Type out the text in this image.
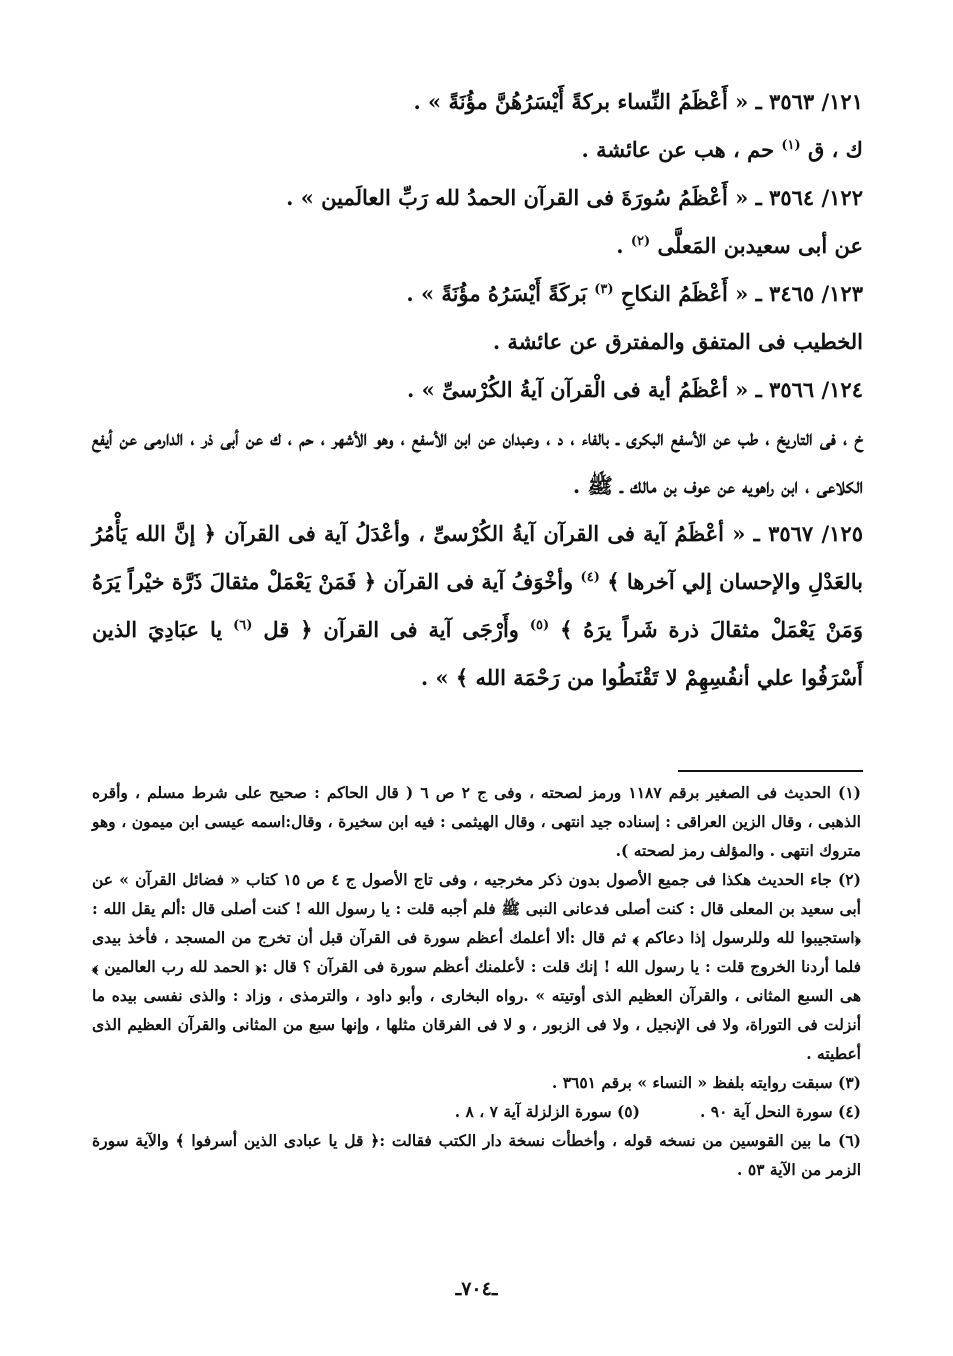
١٢١/ ٣٥٦٣ ـ « أَعْظَمُ النِّساء بركةً أَيْسَرُهُنَّ مؤُنَةً » .
ك ، ق $^{(١)}$ حم ، هب عن عائشة .
١٢٢/ ٣٥٦٤ ـ « أَعْظَمُ سُورَةَ فى القرآن الحمدُ لله رَبِّ العالَمين » .
عن أبى سعيدبن المَعلَّى $^{(٢)}$ .
١٢٣/ ٣٤٦٥ ـ « أَعْظَمُ النكاحِ $^{(٣)}$ بَركَةً أَيْسَرُهُ مؤُنَةً » .
الخطيب فى المتفق والمفترق عن عائشة .
١٢٤/ ٣٥٦٦ ـ « أعْظَمُ أية فى الْقرآن آيةُ الكُرْسىِّ » .
خ ، فى التاريخ ، طب عن الأسفع البكرى ـ بالفاء ، د ، وعبدان عن ابن الأسفع ، وهو الأشهر ، حم ، ك عن أبى ذر ، الدارمى عن أيفع الكلاعى ، ابن راهويه عن عوف بن مالك ـ ﷺ .
١٢٥/ ٣٥٦٧ ـ « أعْظَمُ آية فى القرآن آيةُ الكُرْسىِّ ، وأعْدَلُ آية فى القرآن ﴿ إنَّ الله يَأْمُرُ بالعَدْلِ والإحسان إلي آخرها ﴾ $^{(٤)}$ وأخْوَفُ آية فى القرآن ﴿ فَمَنْ يَعْمَلْ مثقالَ ذَرَّة خيْراً يَرَهُ وَمَنْ يَعْمَلْ مثقالَ ذرة شَراً يرَهُ ﴾ $^{(٥)}$ وأَرْجَى آية فى القرآن ﴿ قل $^{(٦)}$ يا عبَادِيَ الذين أَسْرَفُوا علي أنفُسِهِمْ لا تَقْنَطُوا من رَحْمَة الله ﴾ » .
(١) الحديث فى الصغير برقم ١١٨٧ ورمز لصحته ، وفى ج ٢ ص ٦ ( قال الحاكم : صحيح على شرط مسلم ، وأقره الذهبى ، وقال الزين العراقى : إسناده جيد انتهى ، وقال الهيثمى : فيه ابن سخيرة ، وقال:اسمه عيسى ابن ميمون ، وهو متروك انتهى . والمؤلف رمز لصحته ).
(٢) جاء الحديث هكذا فى جميع الأصول بدون ذكر مخرجيه ، وفى تاج الأصول ج ٤ ص ١٥ كتاب « فضائل القرآن » عن أبى سعيد بن المعلى قال : كنت أصلى فدعانى النبى ﷺ فلم أجبه قلت : يا رسول الله ! كنت أصلى قال :ألم يقل الله : ﴿استجيبوا لله وللرسول إذا دعاكم ﴾ ثم قال :ألا أعلمك أعظم سورة فى القرآن قبل أن تخرج من المسجد ، فأخذ بيدى فلما أردنا الخروج قلت : يا رسول الله ! إنك قلت : لأعلمنك أعظم سورة فى القرآن ؟ قال :﴿ الحمد لله رب العالمين ﴾ هى السبع المثانى ، والقرآن العظيم الذى أوتيته » .رواه البخارى ، وأبو داود ، والترمذى ، وزاد : والذى نفسى بيده ما أنزلت فى التوراة، ولا فى الإنجيل ، ولا فى الزبور ، و لا فى الفرقان مثلها ، وإنها سبع من المثانى والقرآن العظيم الذى أعطيته .
(٣) سبقت روايته بلفظ « النساء » برقم ٣٦٥١ .
(٤) سورة النحل آية ٩٠ .
(٥) سورة الزلزلة آية ٧ ، ٨ .
(٦) ما بين القوسين من نسخه قوله ، وأخطأت نسخة دار الكتب فقالت :﴿ قل يا عبادى الذين أسرفوا ﴾ والآية سورة الزمر من الآية ٥٣ .
ـ٧٠٤ـ
